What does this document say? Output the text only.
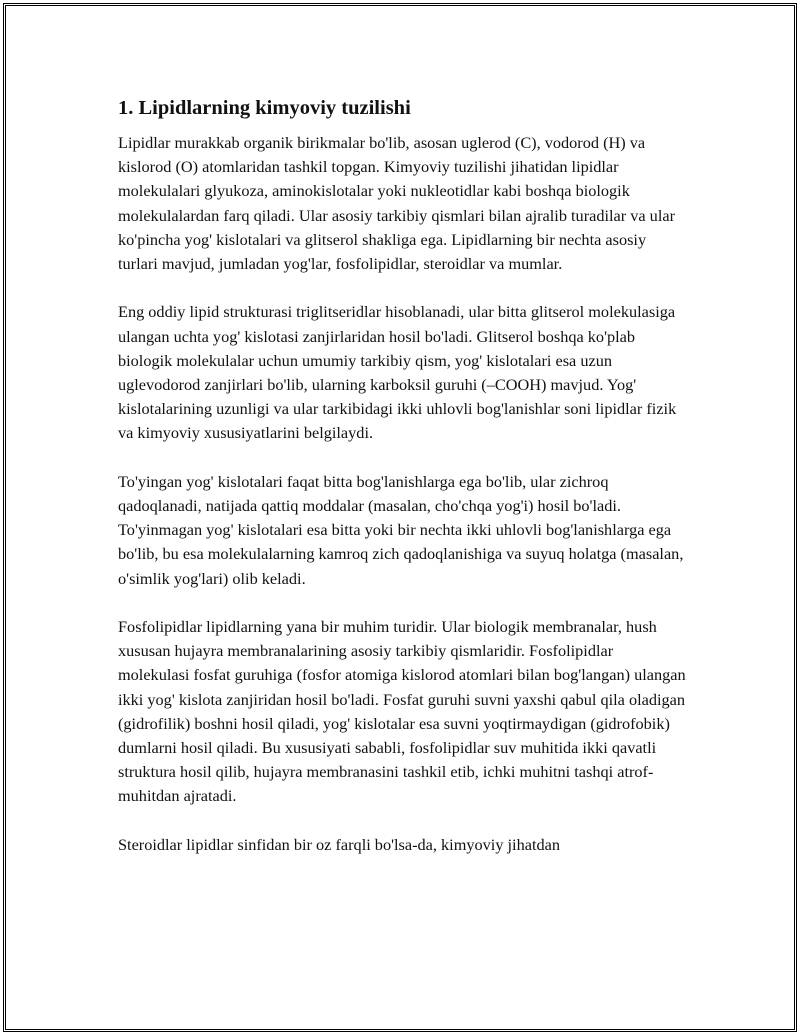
1. Lipidlarning kimyoviy tuzilishi

Lipidlar murakkab organik birikmalar bo'lib, asosan uglerod (C), vodorod (H) va kislorod (O) atomlaridan tashkil topgan. Kimyoviy tuzilishi jihatidan lipidlar molekulalari glyukoza, aminokislotalar yoki nukleotidlar kabi boshqa biologik molekulalardan farq qiladi. Ular asosiy tarkibiy qismlari bilan ajralib turadilar va ular ko'pincha yog' kislotalari va glitserol shakliga ega. Lipidlarning bir nechta asosiy turlari mavjud, jumladan yog'lar, fosfolipidlar, steroidlar va mumlar.

Eng oddiy lipid strukturasi triglitseridlar hisoblanadi, ular bitta glitserol molekulasiga ulangan uchta yog' kislotasi zanjirlaridan hosil bo'ladi. Glitserol boshqa ko'plab biologik molekulalar uchun umumiy tarkibiy qism, yog' kislotalari esa uzun uglevodorod zanjirlari bo'lib, ularning karboksil guruhi (–COOH) mavjud. Yog' kislotalarining uzunligi va ular tarkibidagi ikki uhlovli bog'lanishlar soni lipidlar fizik va kimyoviy xususiyatlarini belgilaydi.

To'yingan yog' kislotalari faqat bitta bog'lanishlarga ega bo'lib, ular zichroq qadoqlanadi, natijada qattiq moddalar (masalan, cho'chqa yog'i) hosil bo'ladi. To'yinmagan yog' kislotalari esa bitta yoki bir nechta ikki uhlovli bog'lanishlarga ega bo'lib, bu esa molekulalarning kamroq zich qadoqlanishiga va suyuq holatga (masalan, o'simlik yog'lari) olib keladi.

Fosfolipidlar lipidlarning yana bir muhim turidir. Ular biologik membranalar, hush xususan hujayra membranalarining asosiy tarkibiy qismlaridir. Fosfolipidlar molekulasi fosfat guruhiga (fosfor atomiga kislorod atomlari bilan bog'langan) ulangan ikki yog' kislota zanjiridan hosil bo'ladi. Fosfat guruhi suvni yaxshi qabul qila oladigan (gidrofilik) boshni hosil qiladi, yog' kislotalar esa suvni yoqtirmaydigan (gidrofobik) dumlarni hosil qiladi. Bu xususiyati sababli, fosfolipidlar suv muhitida ikki qavatli struktura hosil qilib, hujayra membranasini tashkil etib, ichki muhitni tashqi atrof-muhitdan ajratadi.

Steroidlar lipidlar sinfidan bir oz farqli bo'lsa-da, kimyoviy jihatdan
